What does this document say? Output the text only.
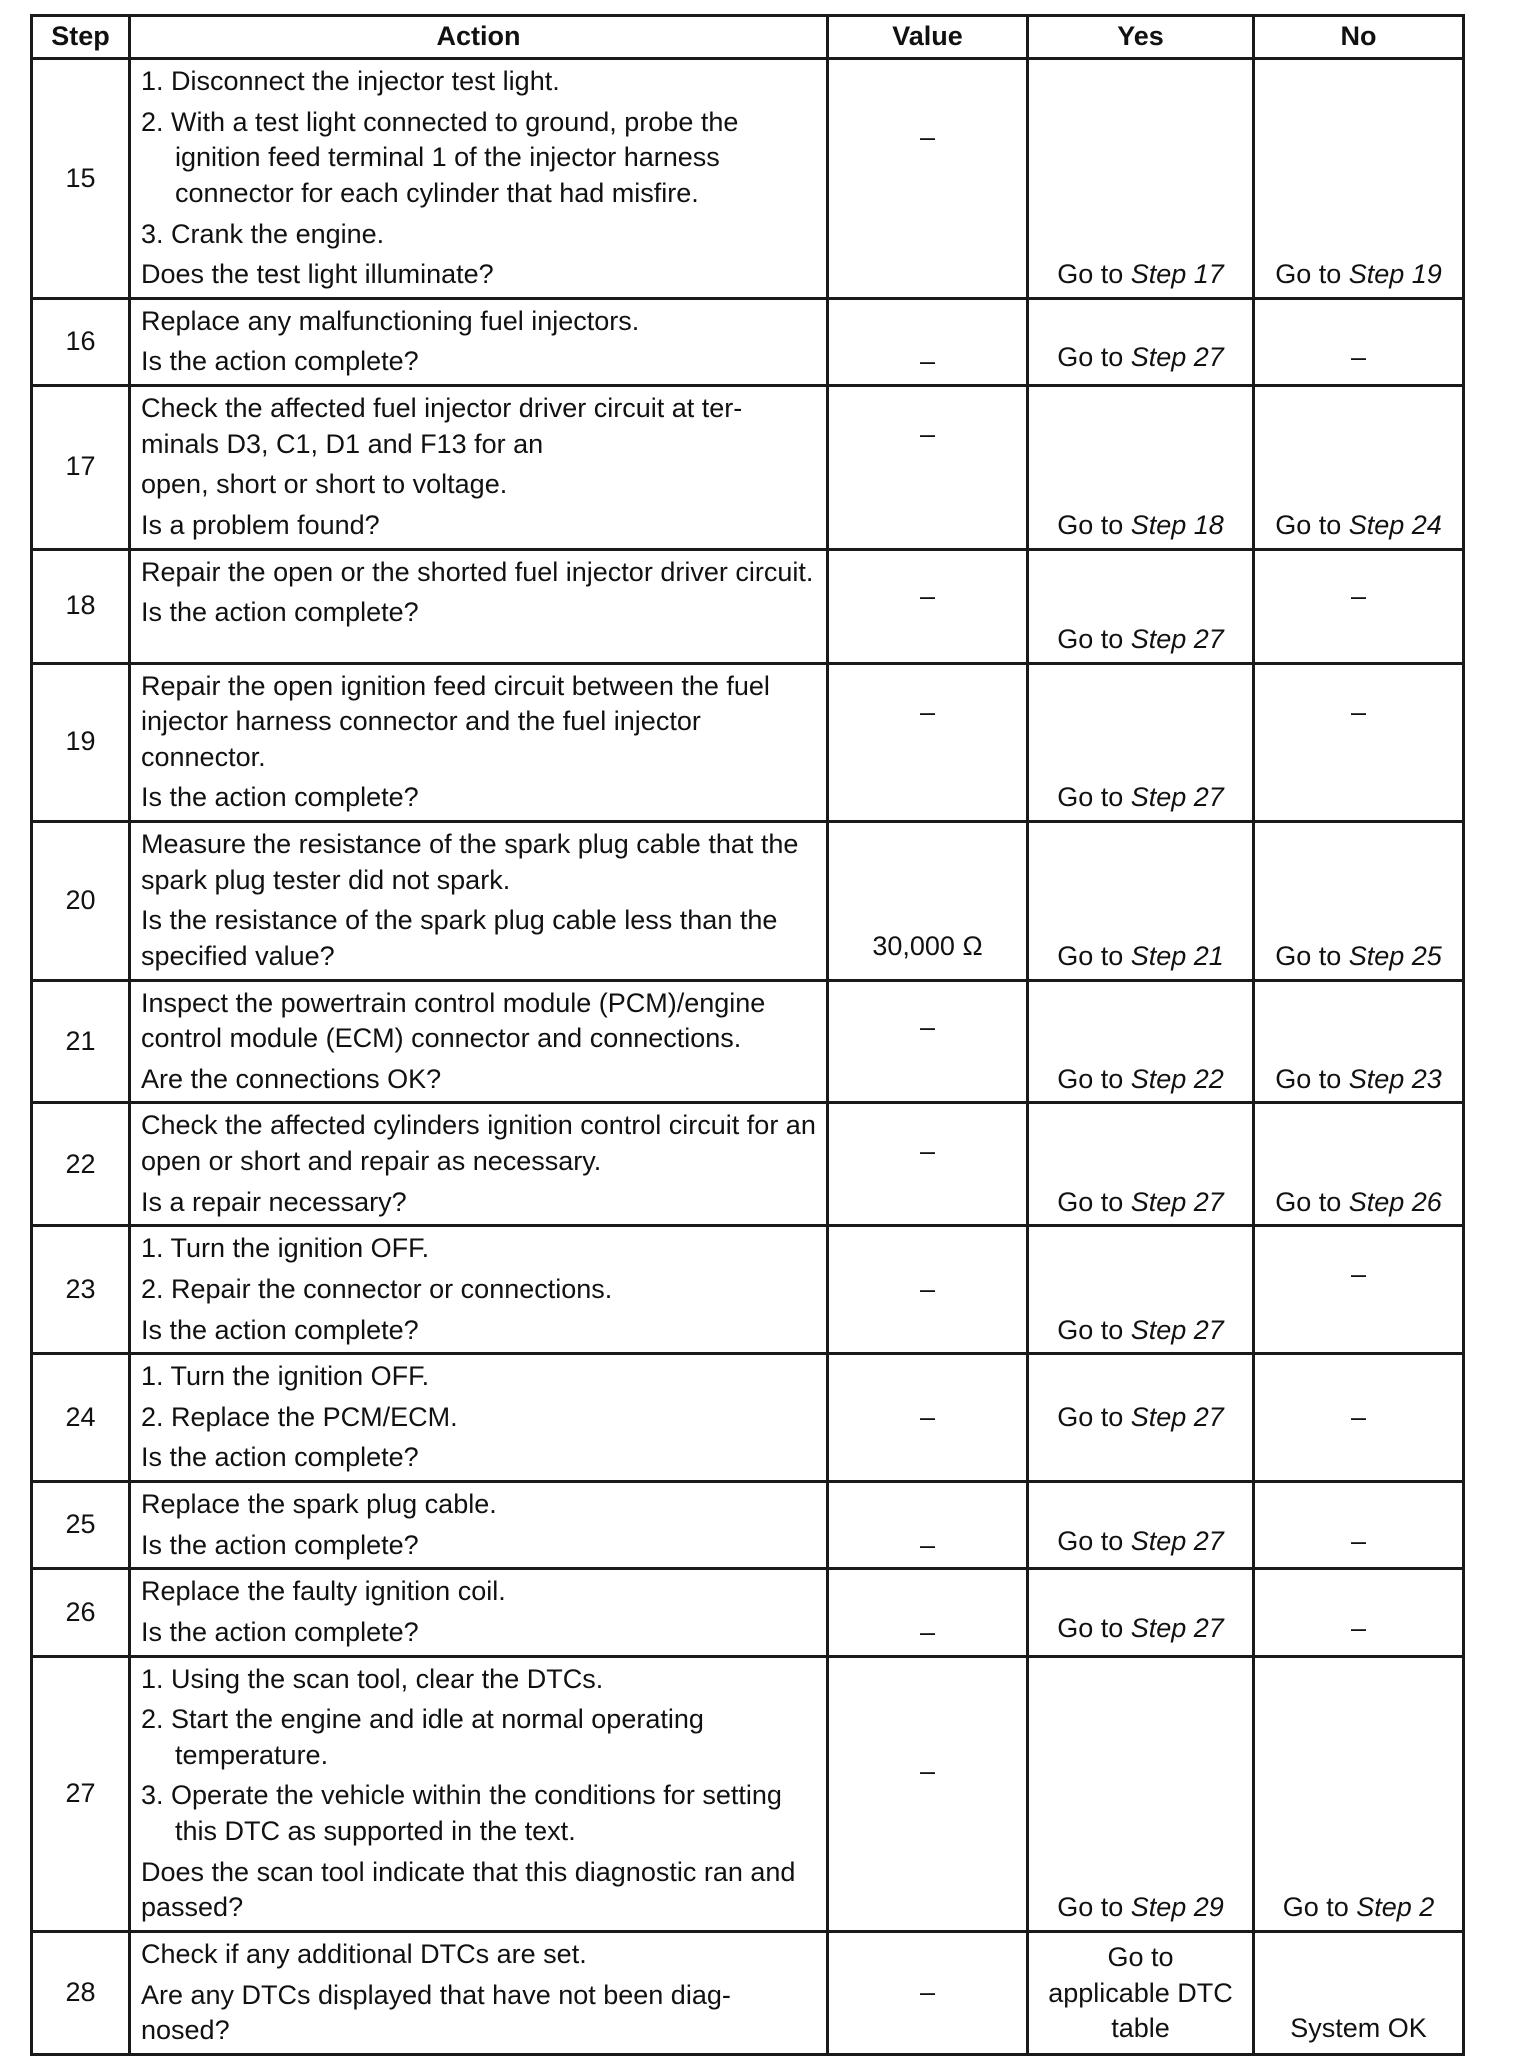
Step	Action	Value	Yes	No
15	1. Disconnect the injector test light.
2. With a test light connected to ground, probe the ignition feed terminal 1 of the injector harness connector for each cylinder that had misfire.
3. Crank the engine.
Does the test light illuminate?	–	Go to Step 17	Go to Step 19
16	Replace any malfunctioning fuel injectors.
Is the action complete?	–	Go to Step 27	–
17	Check the affected fuel injector driver circuit at ter-minals D3, C1, D1 and F13 for an
open, short or short to voltage.
Is a problem found?	–	Go to Step 18	Go to Step 24
18	Repair the open or the shorted fuel injector driver circuit.
Is the action complete?	–	Go to Step 27	–
19	Repair the open ignition feed circuit between the fuel injector harness connector and the fuel injector connector.
Is the action complete?	–	Go to Step 27	–
20	Measure the resistance of the spark plug cable that the spark plug tester did not spark.
Is the resistance of the spark plug cable less than the specified value?	30,000 Ω	Go to Step 21	Go to Step 25
21	Inspect the powertrain control module (PCM)/engine control module (ECM) connector and connections.
Are the connections OK?	–	Go to Step 22	Go to Step 23
22	Check the affected cylinders ignition control circuit for an open or short and repair as necessary.
Is a repair necessary?	–	Go to Step 27	Go to Step 26
23	1. Turn the ignition OFF.
2. Repair the connector or connections.
Is the action complete?	–	Go to Step 27	–
24	1. Turn the ignition OFF.
2. Replace the PCM/ECM.
Is the action complete?	–	Go to Step 27	–
25	Replace the spark plug cable.
Is the action complete?	–	Go to Step 27	–
26	Replace the faulty ignition coil.
Is the action complete?	–	Go to Step 27	–
27	1. Using the scan tool, clear the DTCs.
2. Start the engine and idle at normal operating temperature.
3. Operate the vehicle within the conditions for setting this DTC as supported in the text.
Does the scan tool indicate that this diagnostic ran and passed?	–	Go to Step 29	Go to Step 2
28	Check if any additional DTCs are set.
Are any DTCs displayed that have not been diag-nosed?	–	Go to applicable DTC table	System OK
